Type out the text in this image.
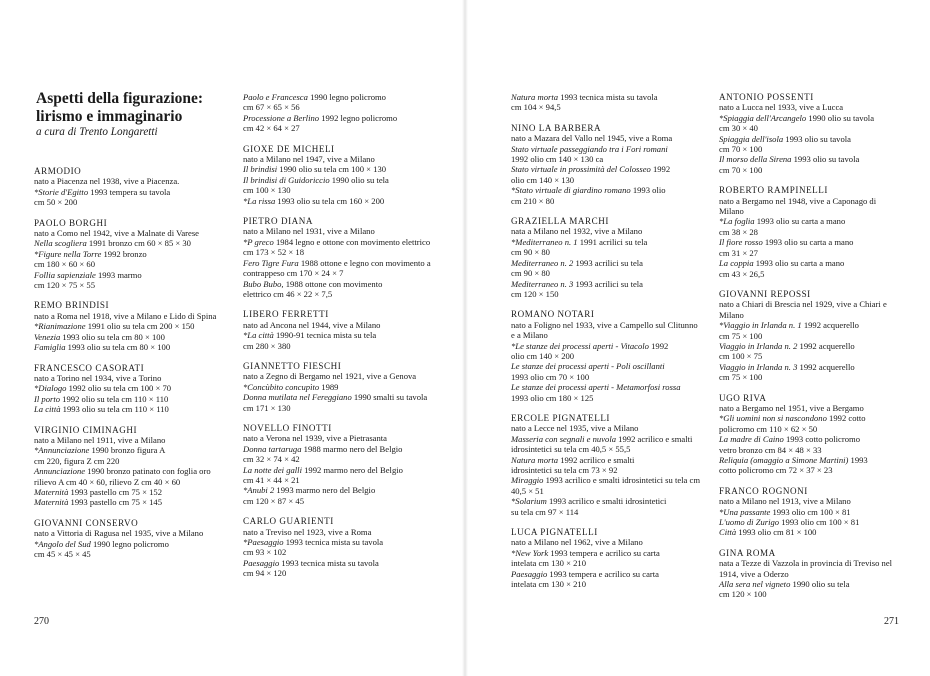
Aspetti della figurazione:
lirismo e immaginario
a cura di Trento Longaretti
ARMODIO
nato a Piacenza nel 1938, vive a Piacenza.
*Storie d'Egitto 1993 tempera su tavola
cm 50 × 200
PAOLO BORGHI
nato a Como nel 1942, vive a Malnate di Varese
Nella scogliera 1991 bronzo cm 60 × 85 × 30
*Figure nella Torre 1992 bronzo
cm 180 × 60 × 60
Follia sapienziale 1993 marmo
cm 120 × 75 × 55
REMO BRINDISI
nato a Roma nel 1918, vive a Milano e Lido di Spina
*Rianimazione 1991 olio su tela cm 200 × 150
Venezia 1993 olio su tela cm 80 × 100
Famiglia 1993 olio su tela cm 80 × 100
FRANCESCO CASORATI
nato a Torino nel 1934, vive a Torino
*Dialogo 1992 olio su tela cm 100 × 70
Il porto 1992 olio su tela cm 110 × 110
La città 1993 olio su tela cm 110 × 110
VIRGINIO CIMINAGHI
nato a Milano nel 1911, vive a Milano
*Annunciazione 1990 bronzo figura A
cm 220, figura Z cm 220
Annunciazione 1990 bronzo patinato con foglia oro rilievo A cm 40 × 60, rilievo Z cm 40 × 60
Maternità 1993 pastello cm 75 × 152
Maternità 1993 pastello cm 75 × 145
GIOVANNI CONSERVO
nato a Vittoria di Ragusa nel 1935, vive a Milano
*Angolo del Sud 1990 legno policromo
cm 45 × 45 × 45
Paolo e Francesca 1990 legno policromo
cm 67 × 65 × 56
Processione a Berlino 1992 legno policromo
cm 42 × 64 × 27
GIOXE DE MICHELI
nato a Milano nel 1947, vive a Milano
Il brindisi 1990 olio su tela cm 100 × 130
Il brindisi di Guidoriccio 1990 olio su tela
cm 100 × 130
*La rissa 1993 olio su tela cm 160 × 200
PIETRO DIANA
nato a Milano nel 1931, vive a Milano
*P greco 1984 legno e ottone con movimento elettrico cm 173 × 52 × 18
Fero Tigre Fura 1988 ottone e legno con movimento a contrappeso cm 170 × 24 × 7
Bubo Bubo, 1988 ottone con movimento
elettrico cm 46 × 22 × 7,5
LIBERO FERRETTI
nato ad Ancona nel 1944, vive a Milano
*La città 1990-91 tecnica mista su tela
cm 280 × 380
GIANNETTO FIESCHI
nato a Zegno di Bergamo nel 1921, vive a Genova
*Concùbito concupìto 1989
Donna mutilata nel Fereggiano 1990 smalti su tavola cm 171 × 130
NOVELLO FINOTTI
nato a Verona nel 1939, vive a Pietrasanta
Donna tartaruga 1988 marmo nero del Belgio
cm 32 × 74 × 42
La notte dei galli 1992 marmo nero del Belgio
cm 41 × 44 × 21
*Anubi 2 1993 marmo nero del Belgio
cm 120 × 87 × 45
CARLO GUARIENTI
nato a Treviso nel 1923, vive a Roma
*Paesaggio 1993 tecnica mista su tavola
cm 93 × 102
Paesaggio 1993 tecnica mista su tavola
cm 94 × 120
270
Natura morta 1993 tecnica mista su tavola
cm 104 × 94,5
NINO LA BARBERA
nato a Mazara del Vallo nel 1945, vive a Roma
Stato virtuale passeggiando tra i Fori romani
1992 olio cm 140 × 130 ca
Stato virtuale in prossimità del Colosseo 1992
olio cm 140 × 130
*Stato virtuale di giardino romano 1993 olio
cm 210 × 80
GRAZIELLA MARCHI
nata a Milano nel 1932, vive a Milano
*Mediterraneo n. 1 1991 acrilici su tela
cm 90 × 80
Mediterraneo n. 2 1993 acrilici su tela
cm 90 × 80
Mediterraneo n. 3 1993 acrilici su tela
cm 120 × 150
ROMANO NOTARI
nato a Foligno nel 1933, vive a Campello sul Clitunno e a Milano
*Le stanze dei processi aperti - Vitacolo 1992
olio cm 140 × 200
Le stanze dei processi aperti - Poli oscillanti
1993 olio cm 70 × 100
Le stanze dei processi aperti - Metamorfosi rossa
1993 olio cm 180 × 125
ERCOLE PIGNATELLI
nato a Lecce nel 1935, vive a Milano
Masseria con segnali e nuvola 1992 acrilico e smalti idrosintetici su tela cm 40,5 × 55,5
Natura morta 1992 acrilico e smalti
idrosintetici su tela cm 73 × 92
Miraggio 1993 acrilico e smalti idrosintetici su tela cm 40,5 × 51
*Solarium 1993 acrilico e smalti idrosintetici
su tela cm 97 × 114
LUCA PIGNATELLI
nato a Milano nel 1962, vive a Milano
*New York 1993 tempera e acrilico su carta
intelata cm 130 × 210
Paesaggio 1993 tempera e acrilico su carta
intelata cm 130 × 210
ANTONIO POSSENTI
nato a Lucca nel 1933, vive a Lucca
*Spiaggia dell'Arcangelo 1990 olio su tavola
cm 30 × 40
Spiaggia dell'isola 1993 olio su tavola
cm 70 × 100
Il morso della Sirena 1993 olio su tavola
cm 70 × 100
ROBERTO RAMPINELLI
nato a Bergamo nel 1948, vive a Caponago di Milano
*La foglia 1993 olio su carta a mano
cm 38 × 28
Il fiore rosso 1993 olio su carta a mano
cm 31 × 27
La coppia 1993 olio su carta a mano
cm 43 × 26,5
GIOVANNI REPOSSI
nato a Chiari di Brescia nel 1929, vive a Chiari e Milano
*Viaggio in Irlanda n. 1 1992 acquerello
cm 75 × 100
Viaggio in Irlanda n. 2 1992 acquerello
cm 100 × 75
Viaggio in Irlanda n. 3 1992 acquerello
cm 75 × 100
UGO RIVA
nato a Bergamo nel 1951, vive a Bergamo
*Gli uomini non si nascondono 1992 cotto
policromo cm 110 × 62 × 50
La madre di Caino 1993 cotto policromo
vetro bronzo cm 84 × 48 × 33
Reliquia (omaggio a Simone Martini) 1993
cotto policromo cm 72 × 37 × 23
FRANCO ROGNONI
nato a Milano nel 1913, vive a Milano
*Una passante 1993 olio cm 100 × 81
L'uomo di Zurigo 1993 olio cm 100 × 81
Città 1993 olio cm 81 × 100
GINA ROMA
nata a Tezze di Vazzola in provincia di Treviso nel 1914, vive a Oderzo
Alla sera nel vigneto 1990 olio su tela
cm 120 × 100
271
